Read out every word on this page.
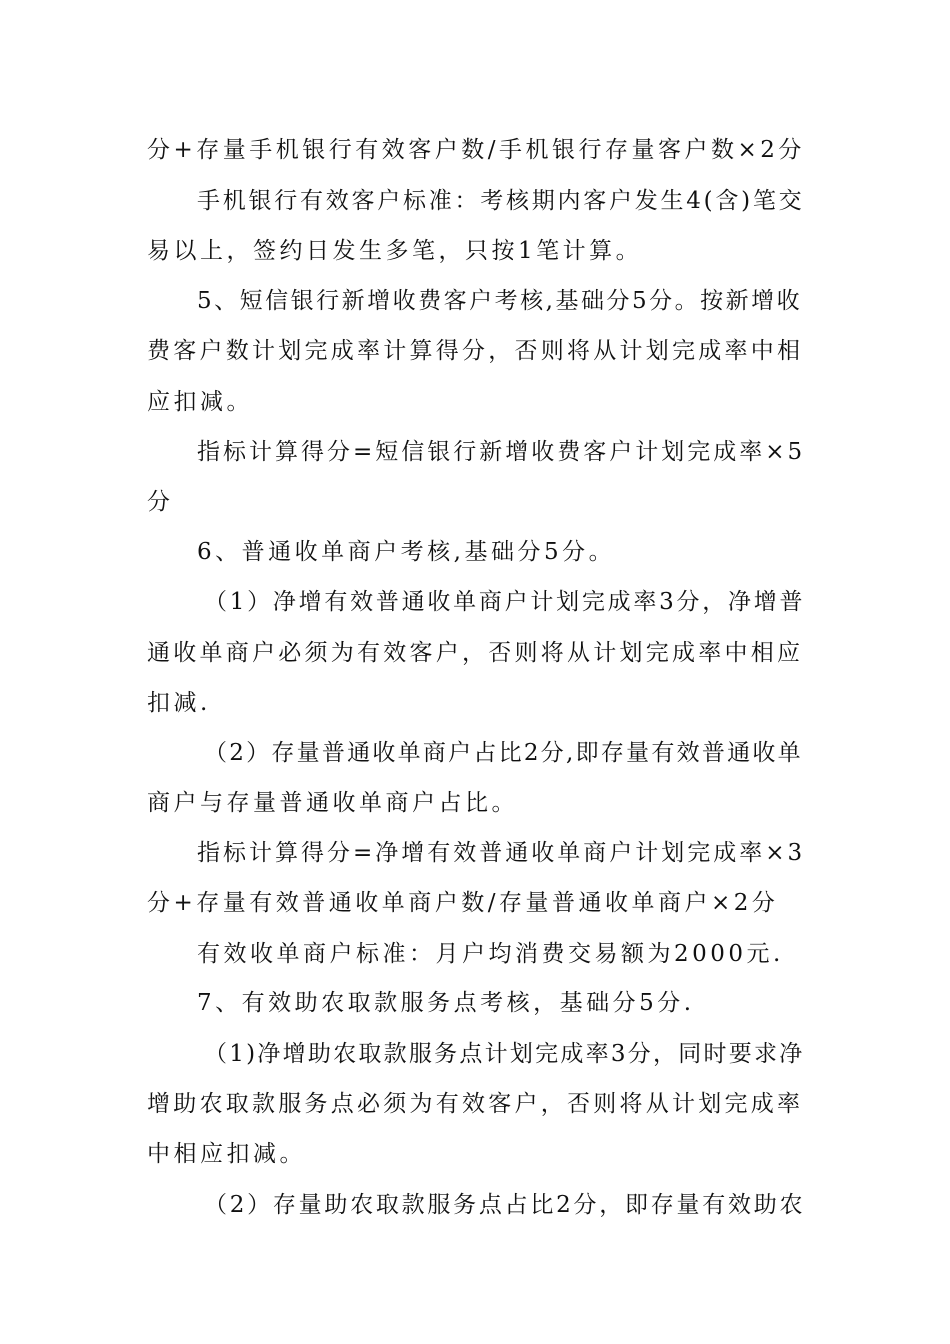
分+存量手机银行有效客户数/手机银行存量客户数×2分
手机银行有效客户标准：考核期内客户发生4(含)笔交
易以上，签约日发生多笔，只按1笔计算。
5、短信银行新增收费客户考核,基础分5分。按新增收
费客户数计划完成率计算得分，否则将从计划完成率中相
应扣减。
指标计算得分=短信银行新增收费客户计划完成率×5
分
6、普通收单商户考核,基础分5分。
（1）净增有效普通收单商户计划完成率3分，净增普
通收单商户必须为有效客户，否则将从计划完成率中相应
扣减.
（2）存量普通收单商户占比2分,即存量有效普通收单
商户与存量普通收单商户占比。
指标计算得分=净增有效普通收单商户计划完成率×3
分+存量有效普通收单商户数/存量普通收单商户×2分
有效收单商户标准：月户均消费交易额为2000元.
7、有效助农取款服务点考核，基础分5分.
（1)净增助农取款服务点计划完成率3分，同时要求净
增助农取款服务点必须为有效客户，否则将从计划完成率
中相应扣减。
（2）存量助农取款服务点占比2分，即存量有效助农
